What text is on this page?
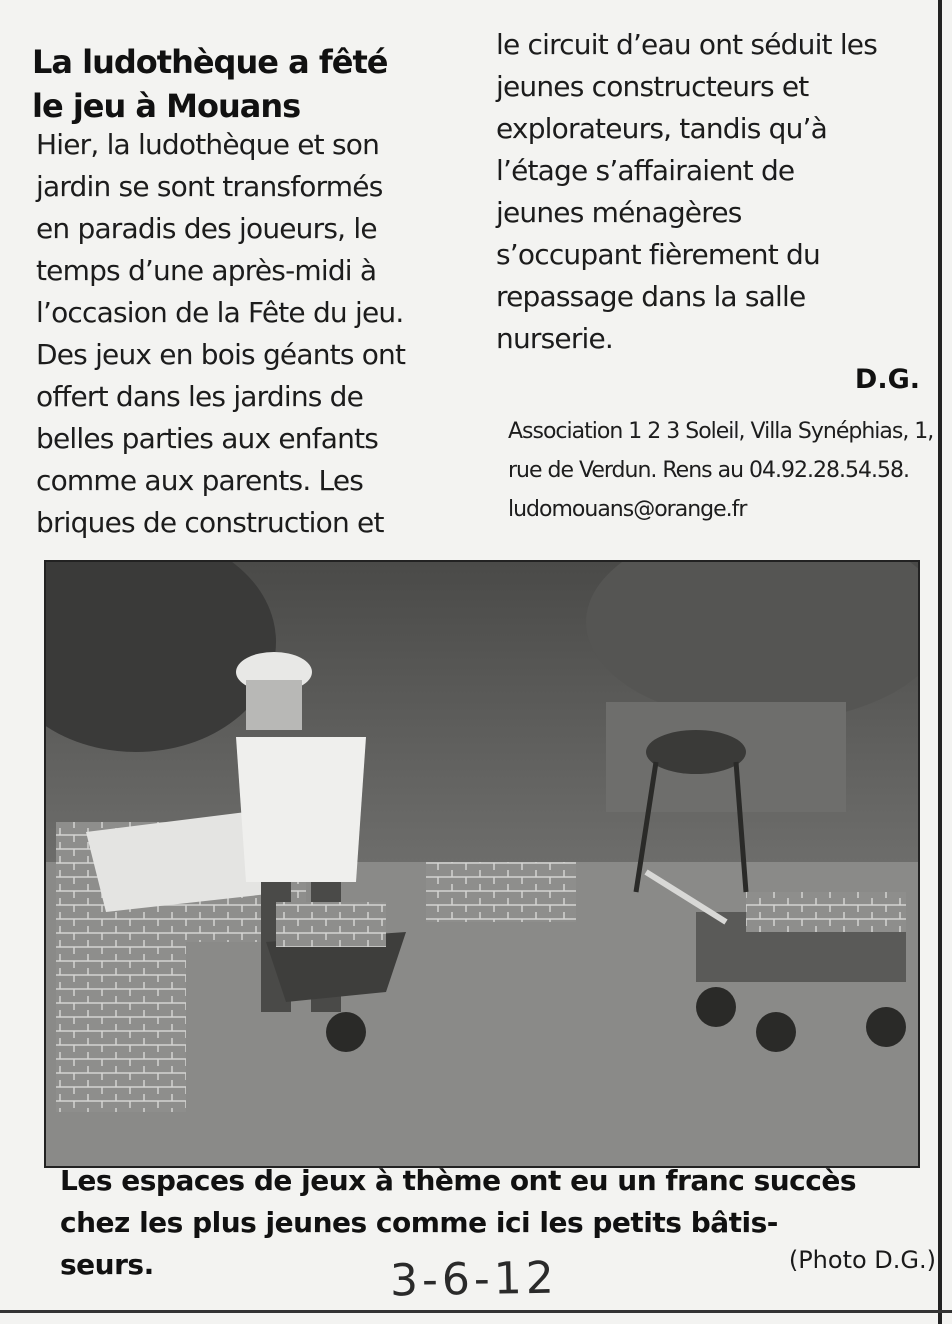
La ludothèque a fêté
le jeu à Mouans
Hier, la ludothèque et son
jardin se sont transformés
en paradis des joueurs, le
temps d’une après-midi à
l’occasion de la Fête du jeu.
Des jeux en bois géants ont
offert dans les jardins de
belles parties aux enfants
comme aux parents. Les
briques de construction et
le circuit d’eau ont séduit les
jeunes constructeurs et
explorateurs, tandis qu’à
l’étage s’affairaient de
jeunes ménagères
s’occupant fièrement du
repassage dans la salle
nurserie.
D.G.
Association 1 2 3 Soleil, Villa Synéphias, 1,
rue de Verdun. Rens au 04.92.28.54.58.
ludomouans@orange.fr
Les espaces de jeux à thème ont eu un franc succès
chez les plus jeunes comme ici les petits bâtis-
seurs.	(Photo D.G.)
3-6-12
